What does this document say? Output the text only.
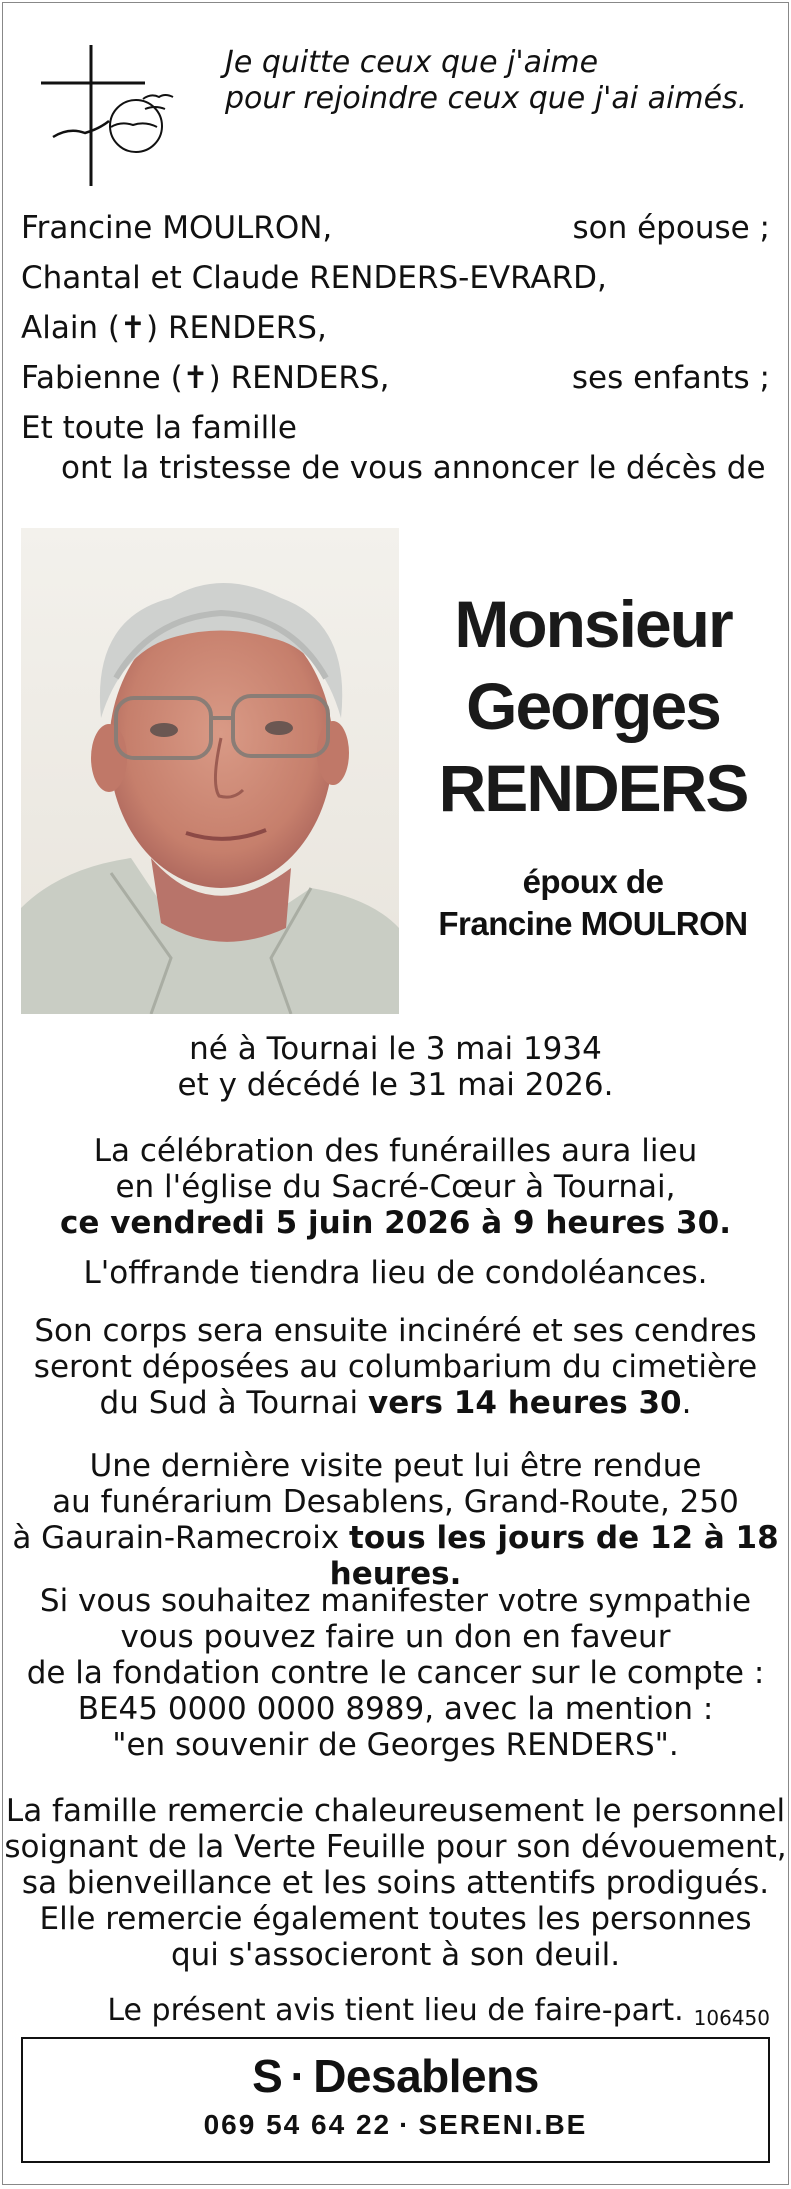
Je quitte ceux que j'aime
pour rejoindre ceux que j'ai aimés.
Francine MOULRON,	son épouse ;
Chantal et Claude RENDERS-EVRARD,
Alain (✝) RENDERS,
Fabienne (✝) RENDERS,	ses enfants ;
Et toute la famille
ont la tristesse de vous annoncer le décès de
Monsieur
Georges
RENDERS
époux de
Francine MOULRON
né à Tournai le 3 mai 1934
et y décédé le 31 mai 2026.
La célébration des funérailles aura lieu
en l'église du Sacré-Cœur à Tournai,
ce vendredi 5 juin 2026 à 9 heures 30.
L'offrande tiendra lieu de condoléances.
Son corps sera ensuite incinéré et ses cendres
seront déposées au columbarium du cimetière
du Sud à Tournai vers 14 heures 30.
Une dernière visite peut lui être rendue
au funérarium Desablens, Grand-Route, 250
à Gaurain-Ramecroix tous les jours de 12 à 18 heures.
Si vous souhaitez manifester votre sympathie
vous pouvez faire un don en faveur
de la fondation contre le cancer sur le compte :
BE45 0000 0000 8989, avec la mention :
"en souvenir de Georges RENDERS".
La famille remercie chaleureusement le personnel
soignant de la Verte Feuille pour son dévouement,
sa bienveillance et les soins attentifs prodigués.
Elle remercie également toutes les personnes
qui s'associeront à son deuil.
Le présent avis tient lieu de faire-part. 106450
S · Desablens
069 54 64 22 · SERENI.BE
